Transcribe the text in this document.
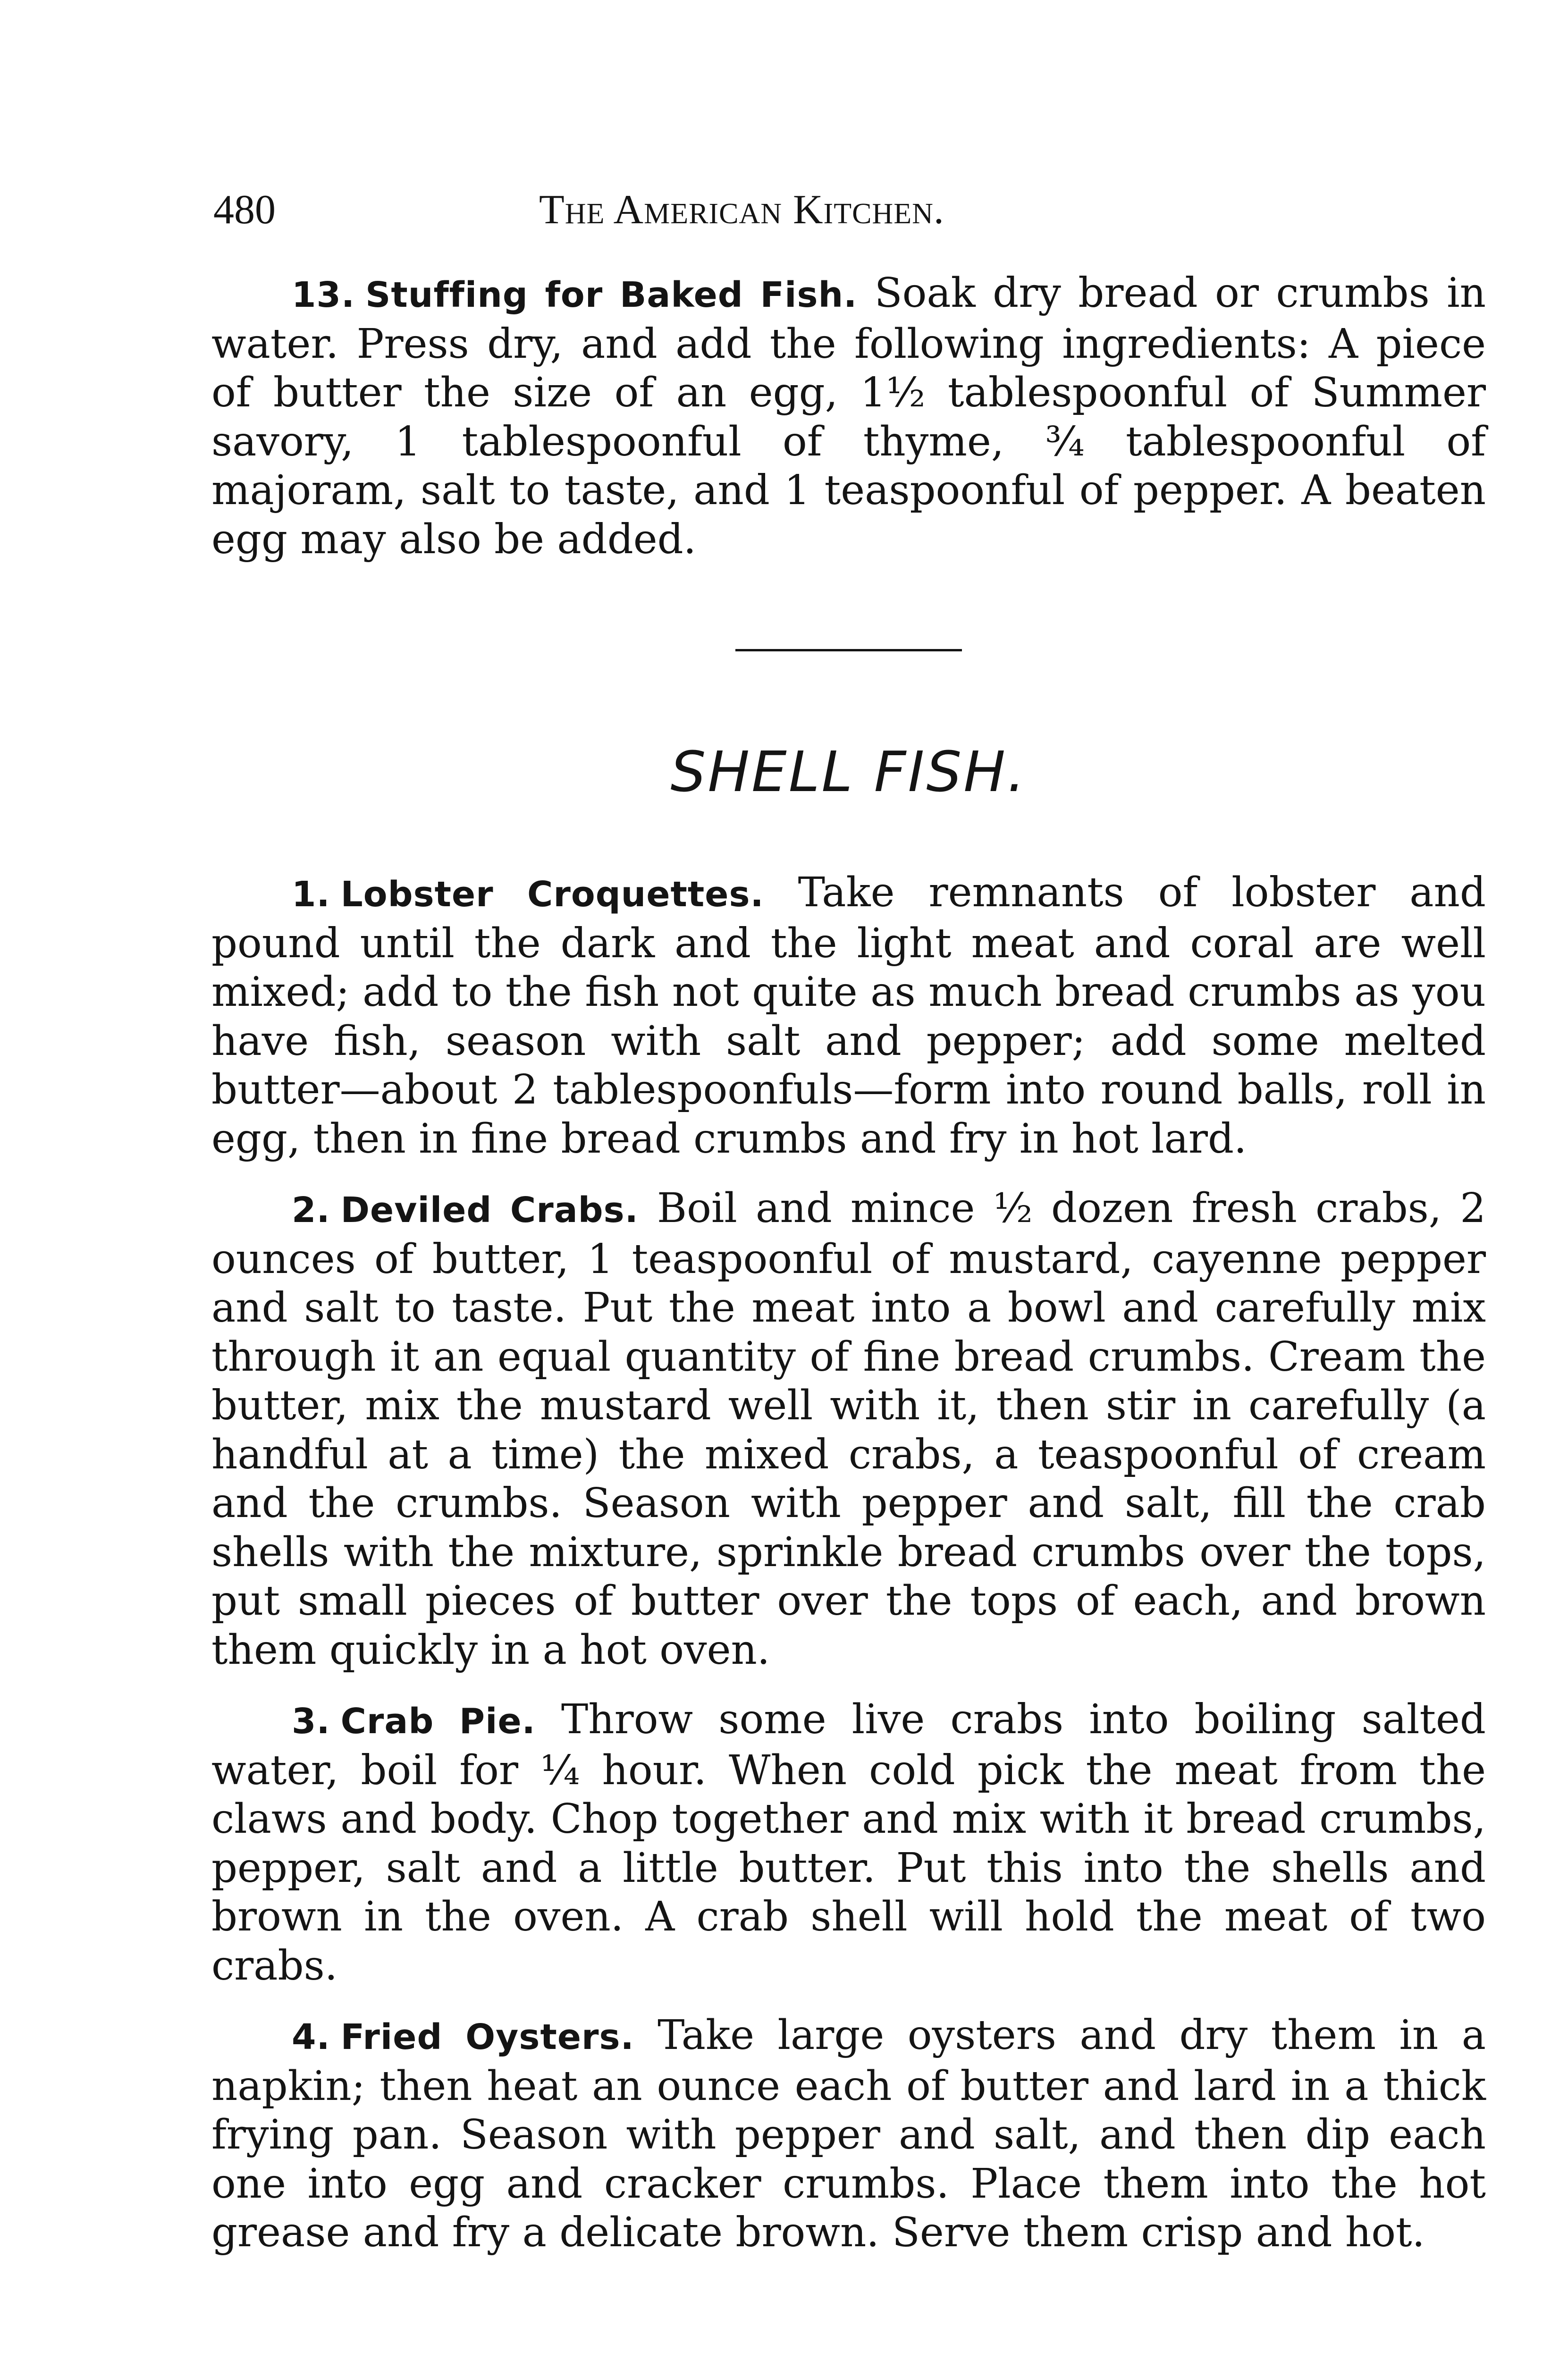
480	The American Kitchen.

13. Stuffing for Baked Fish. Soak dry bread or crumbs in water. Press dry, and add the following ingredients: A piece of butter the size of an egg, 1½ tablespoonful of Summer savory, 1 tablespoonful of thyme, ¾ tablespoonful of majoram, salt to taste, and 1 teaspoonful of pepper. A beaten egg may also be added.

SHELL FISH.

1. Lobster Croquettes. Take remnants of lobster and pound until the dark and the light meat and coral are well mixed; add to the fish not quite as much bread crumbs as you have fish, season with salt and pepper; add some melted butter—about 2 tablespoonfuls—form into round balls, roll in egg, then in fine bread crumbs and fry in hot lard.

2. Deviled Crabs. Boil and mince ½ dozen fresh crabs, 2 ounces of butter, 1 teaspoonful of mustard, cayenne pepper and salt to taste. Put the meat into a bowl and carefully mix through it an equal quantity of fine bread crumbs. Cream the butter, mix the mustard well with it, then stir in carefully (a handful at a time) the mixed crabs, a teaspoonful of cream and the crumbs. Season with pepper and salt, fill the crab shells with the mixture, sprinkle bread crumbs over the tops, put small pieces of butter over the tops of each, and brown them quickly in a hot oven.

3. Crab Pie. Throw some live crabs into boiling salted water, boil for ¼ hour. When cold pick the meat from the claws and body. Chop together and mix with it bread crumbs, pepper, salt and a little butter. Put this into the shells and brown in the oven. A crab shell will hold the meat of two crabs.

4. Fried Oysters. Take large oysters and dry them in a napkin; then heat an ounce each of butter and lard in a thick frying pan. Season with pepper and salt, and then dip each one into egg and cracker crumbs. Place them into the hot grease and fry a delicate brown. Serve them crisp and hot.
